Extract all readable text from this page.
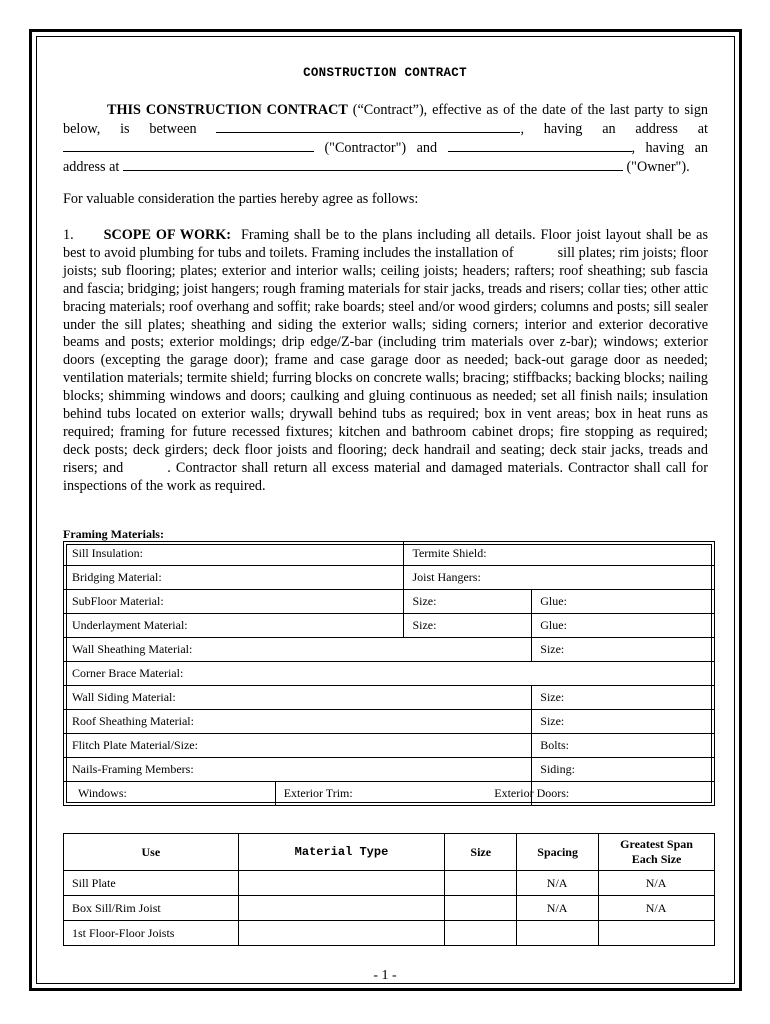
CONSTRUCTION CONTRACT
THIS CONSTRUCTION CONTRACT (“Contract”), effective as of the date of the last party to sign below, is between	, having an address at  ("Contractor") and	, having an address at	("Owner").
For valuable consideration the parties hereby agree as follows:
1. SCOPE OF WORK: Framing shall be to the plans including all details. Floor joist layout shall be as best to avoid plumbing for tubs and toilets. Framing includes the installation of	sill plates; rim joists; floor joists; sub flooring; plates; exterior and interior walls; ceiling joists; headers; rafters; roof sheathing; sub fascia and fascia; bridging; joist hangers; rough framing materials for stair jacks, treads and risers; collar ties; other attic bracing materials; roof overhang and soffit; rake boards; steel and/or wood girders; columns and posts; sill sealer under the sill plates; sheathing and siding the exterior walls; siding corners; interior and exterior decorative beams and posts; exterior moldings; drip edge/Z-bar (including trim materials over z-bar); windows; exterior doors (excepting the garage door); frame and case garage door as needed; back-out garage door as needed; ventilation materials; termite shield; furring blocks on concrete walls; bracing; stiffbacks; backing blocks; nailing blocks; shimming windows and doors; caulking and gluing continuous as needed; set all finish nails; insulation behind tubs located on exterior walls; drywall behind tubs as required; box in vent areas; box in heat runs as required; framing for future recessed fixtures; kitchen and bathroom cabinet drops; fire stopping as required; deck posts; deck girders; deck floor joists and flooring; deck handrail and seating; deck stair jacks, treads and risers; and	. Contractor shall return all excess material and damaged materials. Contractor shall call for inspections of the work as required.
Framing Materials:
Sill Insulation:		Termite Shield:	
Bridging Material:		Joist Hangers:	
SubFloor Material:		Size:	Glue:
Underlayment Material:		Size:	Glue:
Wall Sheathing Material:			Size:
Corner Brace Material:			
Wall Siding Material:			Size:
Roof Sheathing Material:			Size:
Flitch Plate Material/Size:			Bolts:
Nails-Framing Members:			Siding:
Windows:	Exterior Trim:		Exterior Doors:
Use	Material Type	Size	Spacing	Greatest Span Each Size
Sill Plate			N/A	N/A
Box Sill/Rim Joist			N/A	N/A
1st Floor-Floor Joists				
- 1 -
